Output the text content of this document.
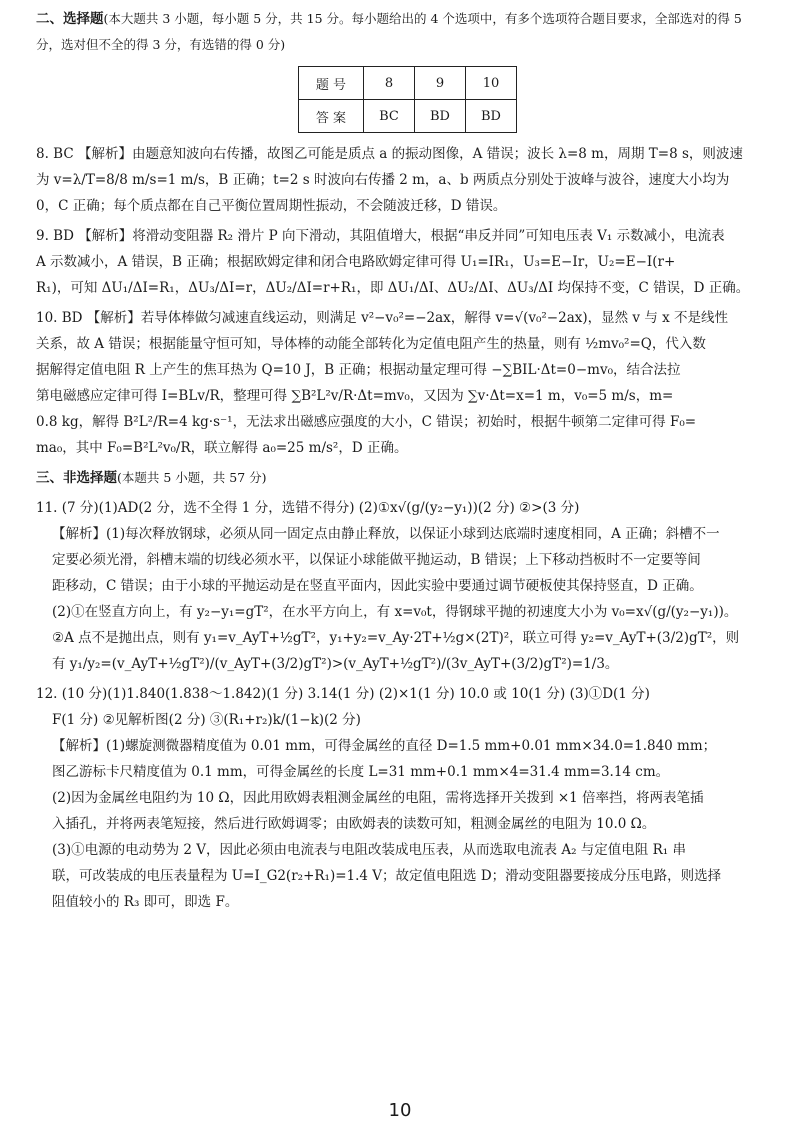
二、选择题(本大题共 3 小题，每小题 5 分，共 15 分。每小题给出的 4 个选项中，有多个选项符合题目要求，全部选对的得 5 分，选对但不全的得 3 分，有选错的得 0 分)

题 号	8	9	10
答 案	BC	BD	BD

8. BC 【解析】由题意知波向右传播，故图乙可能是质点 a 的振动图像，A 错误；波长 λ=8 m，周期 T=8 s，则波速

为 v=λ/T=8/8 m/s=1 m/s，B 正确；t=2 s 时波向右传播 2 m，a、b 两质点分别处于波峰与波谷，速度大小均为

0，C 正确；每个质点都在自己平衡位置周期性振动，不会随波迁移，D 错误。

9. BD 【解析】将滑动变阻器 R₂ 滑片 P 向下滑动，其阻值增大，根据“串反并同”可知电压表 V₁ 示数减小，电流表

A 示数减小，A 错误，B 正确；根据欧姆定律和闭合电路欧姆定律可得 U₁=IR₁，U₃=E−Ir，U₂=E−I(r+

R₁)，可知 ΔU₁/ΔI=R₁，ΔU₃/ΔI=r，ΔU₂/ΔI=r+R₁，即 ΔU₁/ΔI、ΔU₂/ΔI、ΔU₃/ΔI 均保持不变，C 错误，D 正确。

10. BD 【解析】若导体棒做匀减速直线运动，则满足 v²−v₀²=−2ax，解得 v=√(v₀²−2ax)，显然 v 与 x 不是线性

关系，故 A 错误；根据能量守恒可知，导体棒的动能全部转化为定值电阻产生的热量，则有 ½mv₀²=Q，代入数

据解得定值电阻 R 上产生的焦耳热为 Q=10 J，B 正确；根据动量定理可得 −∑BIL·Δt=0−mv₀，结合法拉

第电磁感应定律可得 I=BLv/R，整理可得 ∑B²L²v/R·Δt=mv₀，又因为 ∑v·Δt=x=1 m，v₀=5 m/s，m=

0.8 kg，解得 B²L²/R=4 kg·s⁻¹，无法求出磁感应强度的大小，C 错误；初始时，根据牛顿第二定律可得 F₀=

ma₀，其中 F₀=B²L²v₀/R，联立解得 a₀=25 m/s²，D 正确。

三、非选择题(本题共 5 小题，共 57 分)

11. (7 分)(1)AD(2 分，选不全得 1 分，选错不得分) (2)①x√(g/(y₂−y₁))(2 分) ②>(3 分)

【解析】(1)每次释放钢球，必须从同一固定点由静止释放，以保证小球到达底端时速度相同，A 正确；斜槽不一

定要必须光滑，斜槽末端的切线必须水平，以保证小球能做平抛运动，B 错误；上下移动挡板时不一定要等间

距移动，C 错误；由于小球的平抛运动是在竖直平面内，因此实验中要通过调节硬板使其保持竖直，D 正确。

(2)①在竖直方向上，有 y₂−y₁=gT²，在水平方向上，有 x=v₀t，得钢球平抛的初速度大小为 v₀=x√(g/(y₂−y₁))。

②A 点不是抛出点，则有 y₁=v_AyT+½gT²，y₁+y₂=v_Ay·2T+½g×(2T)²，联立可得 y₂=v_AyT+(3/2)gT²，则

有 y₁/y₂=(v_AyT+½gT²)/(v_AyT+(3/2)gT²)>(v_AyT+½gT²)/(3v_AyT+(3/2)gT²)=1/3。

12. (10 分)(1)1.840(1.838～1.842)(1 分) 3.14(1 分) (2)×1(1 分) 10.0 或 10(1 分) (3)①D(1 分)

F(1 分) ②见解析图(2 分) ③(R₁+r₂)k/(1−k)(2 分)

【解析】(1)螺旋测微器精度值为 0.01 mm，可得金属丝的直径 D=1.5 mm+0.01 mm×34.0=1.840 mm；

图乙游标卡尺精度值为 0.1 mm，可得金属丝的长度 L=31 mm+0.1 mm×4=31.4 mm=3.14 cm。

(2)因为金属丝电阻约为 10 Ω，因此用欧姆表粗测金属丝的电阻，需将选择开关拨到 ×1 倍率挡，将两表笔插

入插孔，并将两表笔短接，然后进行欧姆调零；由欧姆表的读数可知，粗测金属丝的电阻为 10.0 Ω。

(3)①电源的电动势为 2 V，因此必须由电流表与电阻改装成电压表，从而选取电流表 A₂ 与定值电阻 R₁ 串

联，可改装成的电压表量程为 U=I_G2(r₂+R₁)=1.4 V；故定值电阻选 D；滑动变阻器要接成分压电路，则选择

阻值较小的 R₃ 即可，即选 F。

10
